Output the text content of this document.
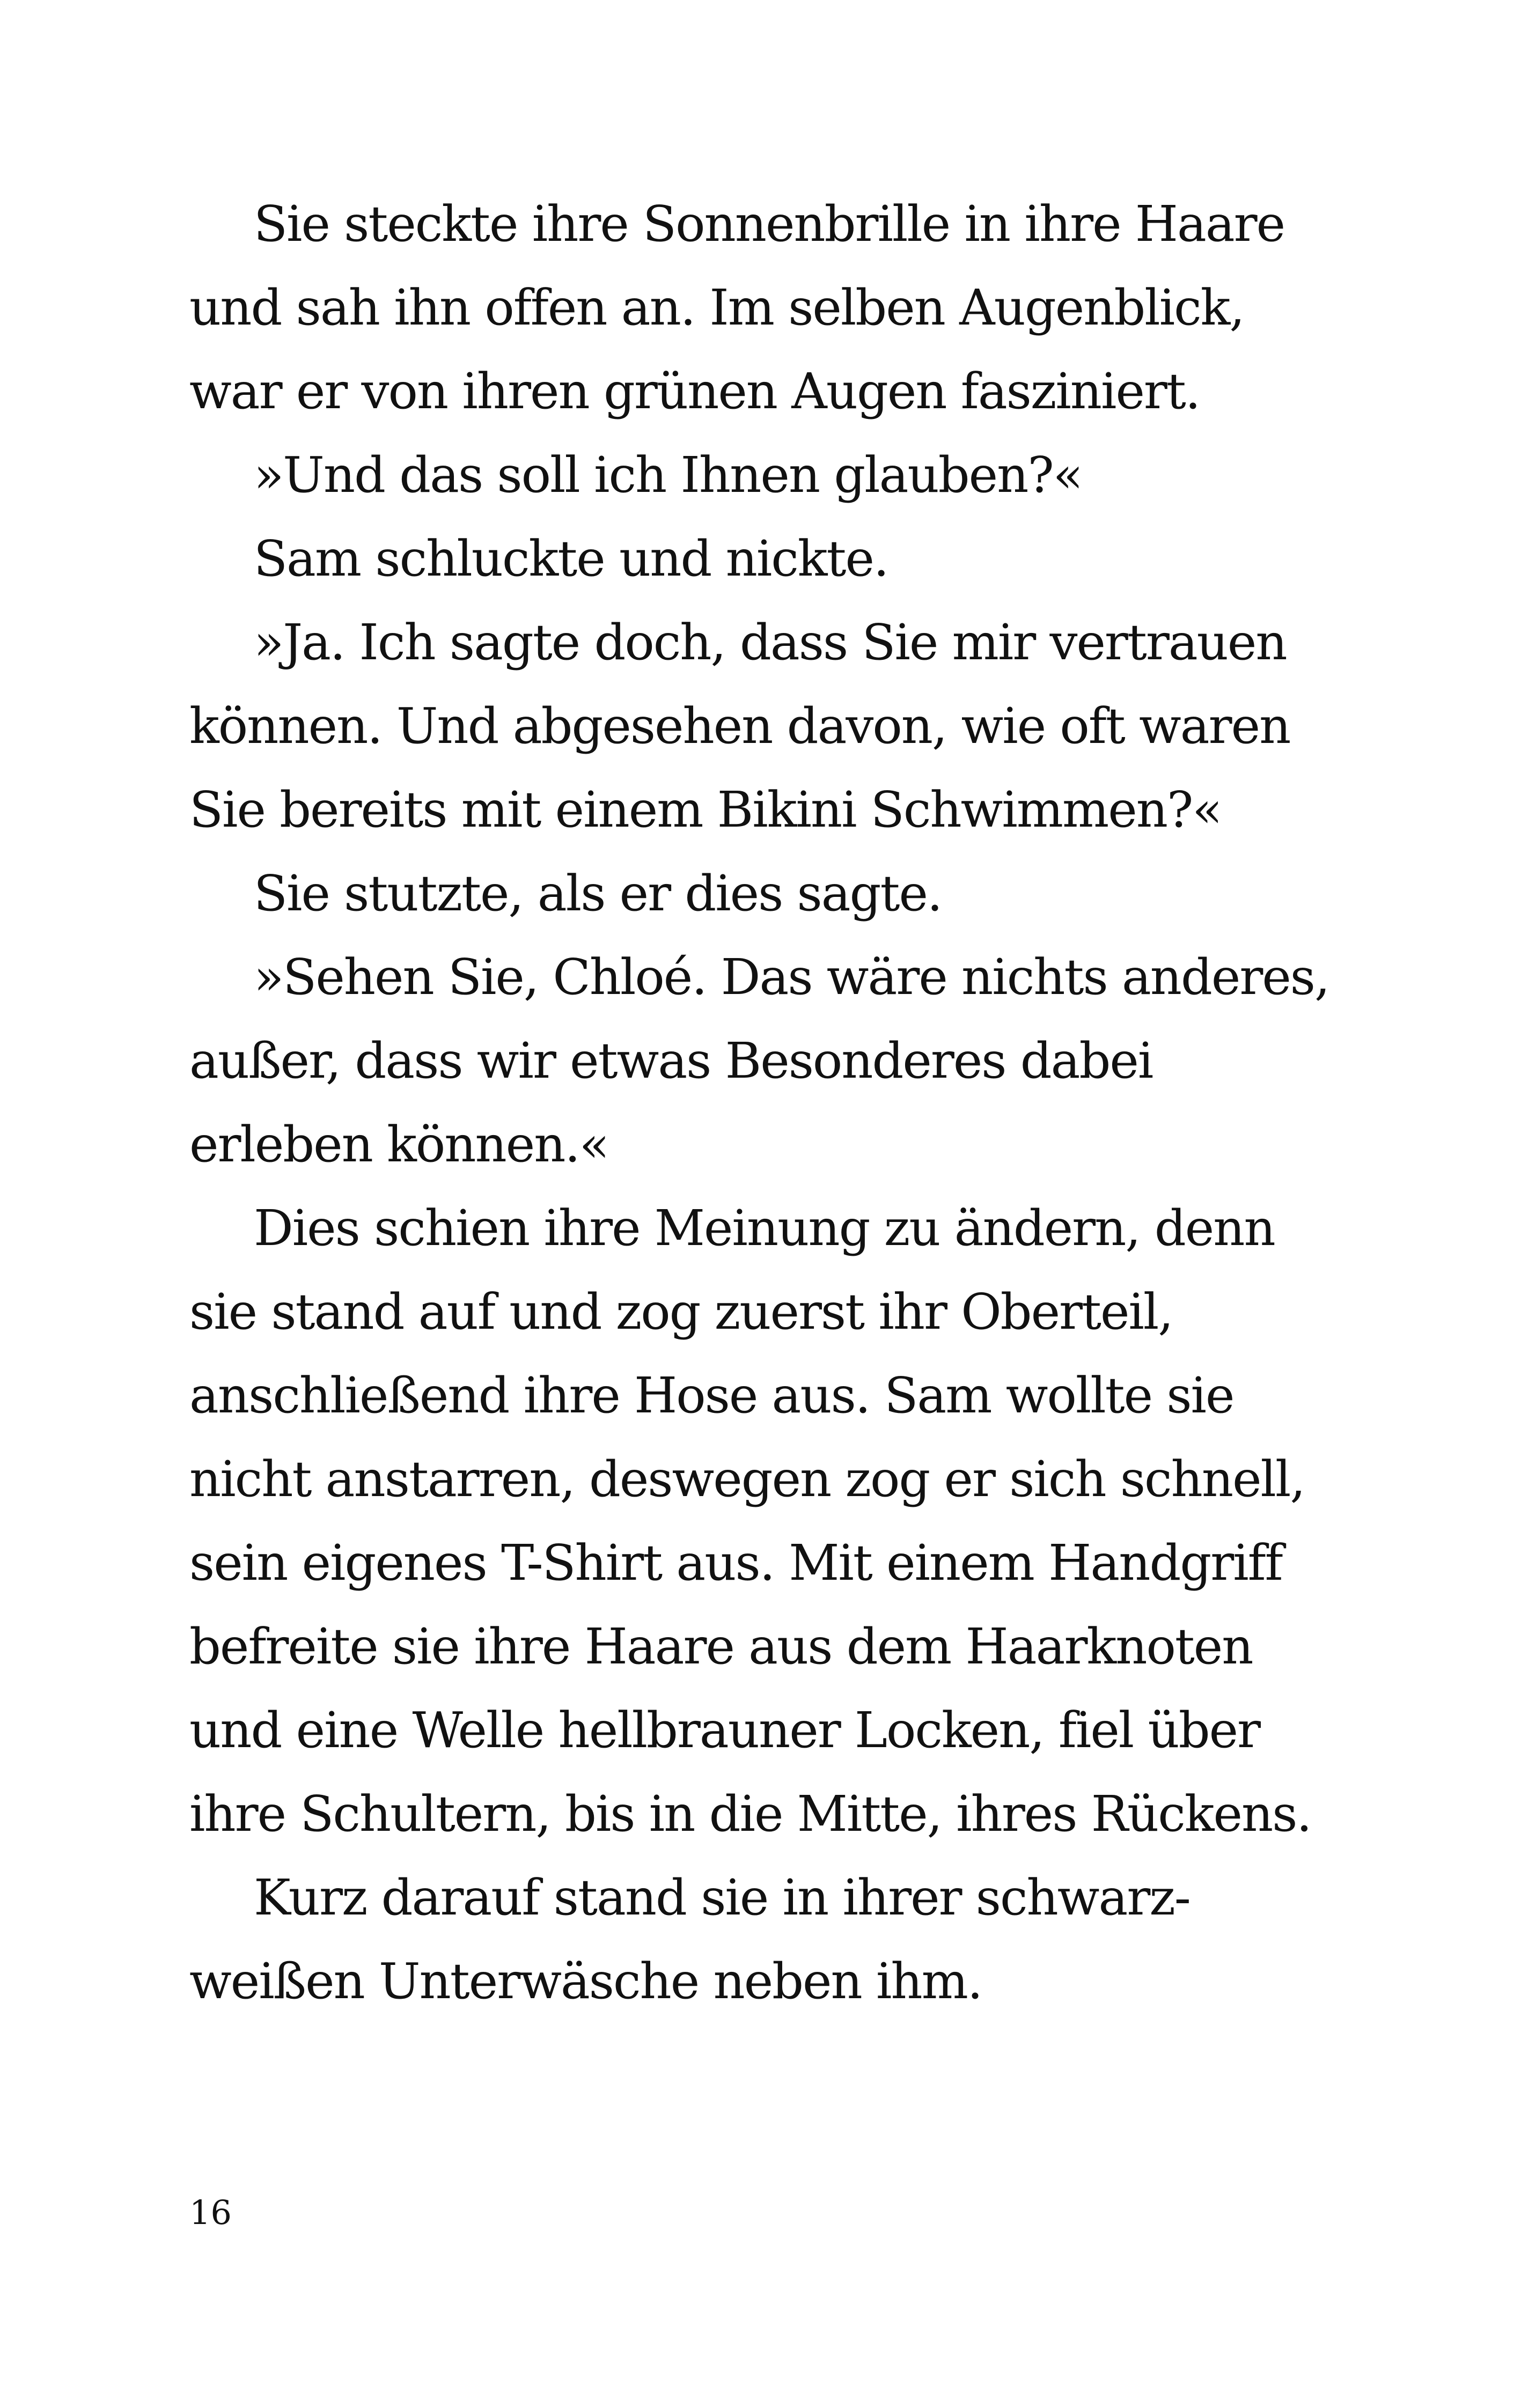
Sie steckte ihre Sonnenbrille in ihre Haare
und sah ihn offen an. Im selben Augenblick,
war er von ihren grünen Augen fasziniert.
»Und das soll ich Ihnen glauben?«
Sam schluckte und nickte.
»Ja. Ich sagte doch, dass Sie mir vertrauen
können. Und abgesehen davon, wie oft waren
Sie bereits mit einem Bikini Schwimmen?«
Sie stutzte, als er dies sagte.
»Sehen Sie, Chloé. Das wäre nichts anderes,
außer, dass wir etwas Besonderes dabei
erleben können.«
Dies schien ihre Meinung zu ändern, denn
sie stand auf und zog zuerst ihr Oberteil,
anschließend ihre Hose aus. Sam wollte sie
nicht anstarren, deswegen zog er sich schnell,
sein eigenes T-Shirt aus. Mit einem Handgriff
befreite sie ihre Haare aus dem Haarknoten
und eine Welle hellbrauner Locken, fiel über
ihre Schultern, bis in die Mitte, ihres Rückens.
Kurz darauf stand sie in ihrer schwarz-
weißen Unterwäsche neben ihm.
16
